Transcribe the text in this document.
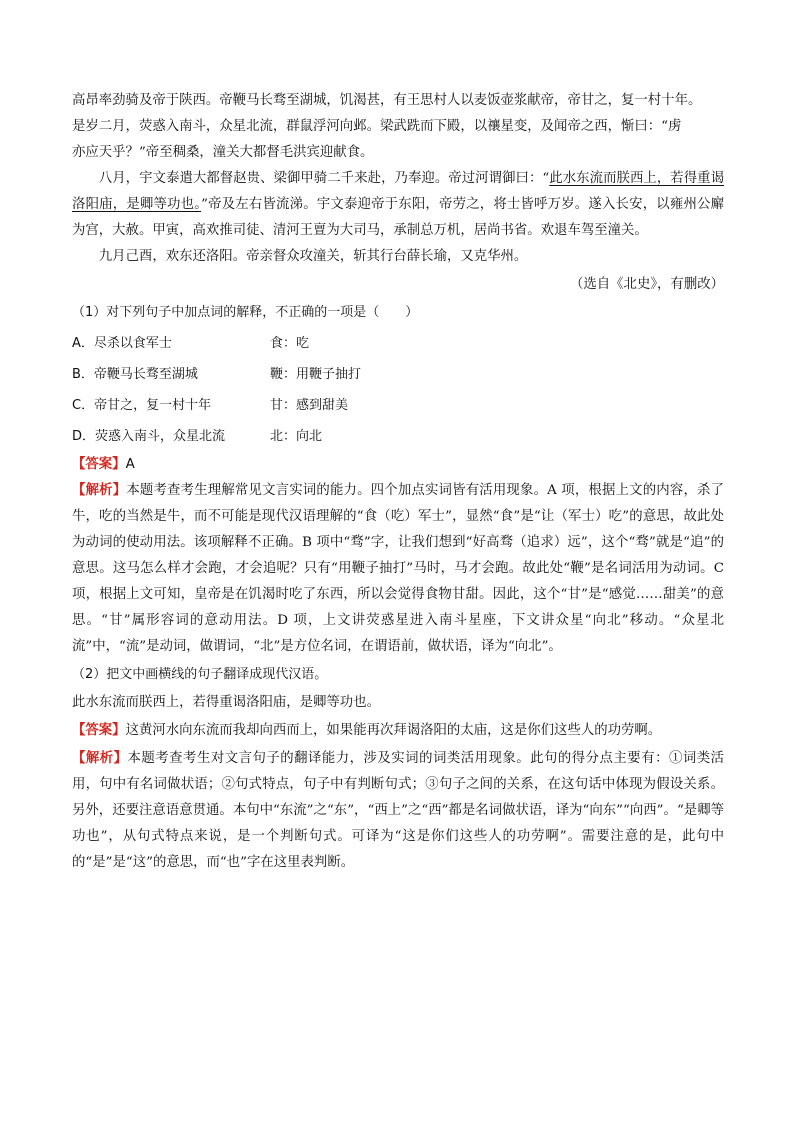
高昂率劲骑及帝于陕西。帝鞭马长骛至湖城，饥渴甚，有王思村人以麦饭壶浆献帝，帝甘之，复一村十年。
是岁二月，荧惑入南斗，众星北流，群鼠浮河向邺。梁武跣而下殿，以禳星变，及闻帝之西，惭曰：“虏
亦应天乎？”帝至稠桑，潼关大都督毛洪宾迎献食。

八月，宇文泰遣大都督赵贵、梁御甲骑二千来赴，乃奉迎。帝过河谓御曰：“此水东流而朕西上，若得重谒洛阳庙，是卿等功也。”帝及左右皆流涕。宇文泰迎帝于东阳，帝劳之，将士皆呼万岁。遂入长安，以雍州公廨为宫，大赦。甲寅，高欢推司徒、清河王亶为大司马，承制总万机，居尚书省。欢退车驾至潼关。

九月己酉，欢东还洛阳。帝亲督众攻潼关，斩其行台薛长瑜，又克华州。

（选自《北史》，有删改）
（1）对下列句子中加点词的解释，不正确的一项是（　　）
A．尽杀以食军士	食：吃
B．帝鞭马长骛至湖城	鞭：用鞭子抽打
C．帝甘之，复一村十年	甘：感到甜美
D．荧惑入南斗，众星北流	北：向北
【答案】A

【解析】本题考查考生理解常见文言实词的能力。四个加点实词皆有活用现象。A 项，根据上文的内容，杀了牛，吃的当然是牛，而不可能是现代汉语理解的“食（吃）军士”，显然“食”是“让（军士）吃”的意思，故此处为动词的使动用法。该项解释不正确。B 项中“骛”字，让我们想到“好高骛（追求）远”，这个“骛”就是“追”的意思。这马怎么样才会跑，才会追呢？只有“用鞭子抽打”马时，马才会跑。故此处“鞭”是名词活用为动词。C 项，根据上文可知，皇帝是在饥渴时吃了东西，所以会觉得食物甘甜。因此，这个“甘”是“感觉……甜美”的意思。“甘”属形容词的意动用法。D 项，上文讲荧惑星进入南斗星座，下文讲众星“向北”移动。“众星北流”中，“流”是动词，做谓词，“北”是方位名词，在谓语前，做状语，译为“向北”。

（2）把文中画横线的句子翻译成现代汉语。
此水东流而朕西上，若得重谒洛阳庙，是卿等功也。
【答案】这黄河水向东流而我却向西而上，如果能再次拜谒洛阳的太庙，这是你们这些人的功劳啊。

【解析】本题考查考生对文言句子的翻译能力，涉及实词的词类活用现象。此句的得分点主要有：①词类活用，句中有名词做状语；②句式特点，句子中有判断句式；③句子之间的关系，在这句话中体现为假设关系。另外，还要注意语意贯通。本句中“东流”之“东”，“西上”之“西”都是名词做状语，译为“向东”“向西”。“是卿等功也”，从句式特点来说，是一个判断句式。可译为“这是你们这些人的功劳啊”。需要注意的是，此句中的“是”是“这”的意思，而“也”字在这里表判断。
